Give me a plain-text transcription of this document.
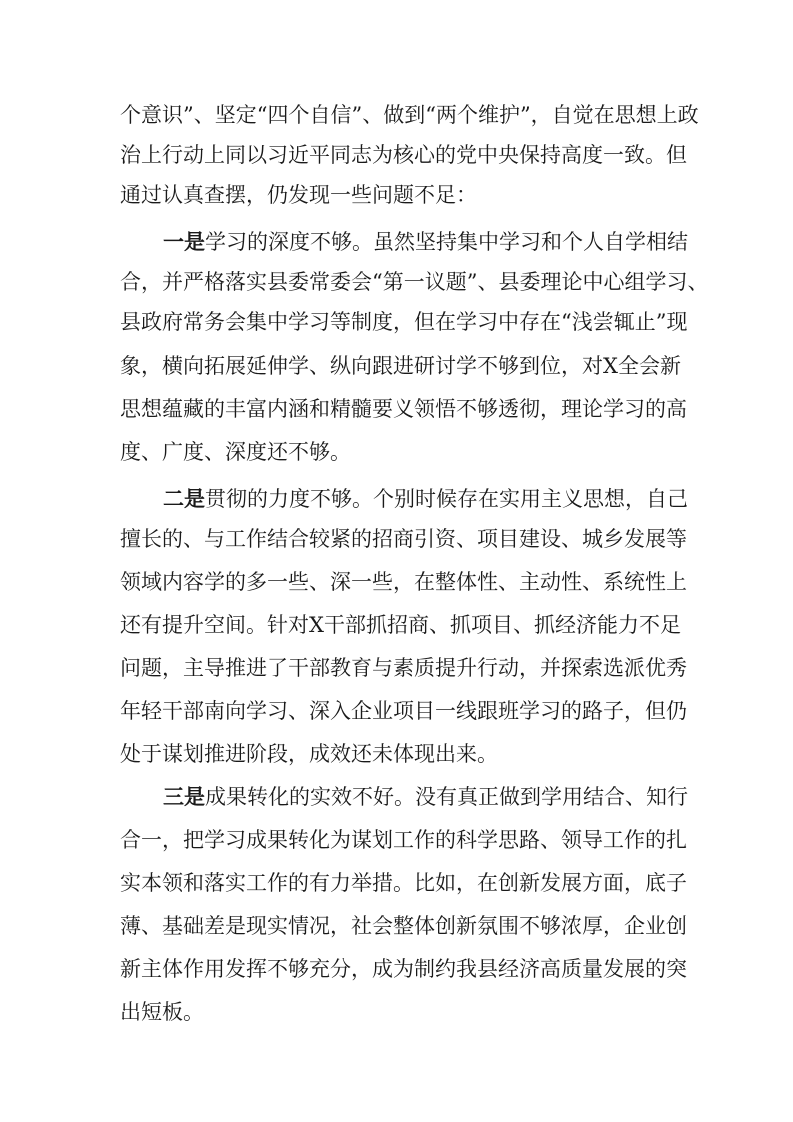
个意识”、坚定“四个自信”、做到“两个维护”，自觉在思想上政
治上行动上同以习近平同志为核心的党中央保持高度一致。但
通过认真查摆，仍发现一些问题不足：
一是学习的深度不够。虽然坚持集中学习和个人自学相结
合，并严格落实县委常委会“第一议题”、县委理论中心组学习、
县政府常务会集中学习等制度，但在学习中存在“浅尝辄止”现
象，横向拓展延伸学、纵向跟进研讨学不够到位，对X全会新
思想蕴藏的丰富内涵和精髓要义领悟不够透彻，理论学习的高
度、广度、深度还不够。
二是贯彻的力度不够。个别时候存在实用主义思想，自己
擅长的、与工作结合较紧的招商引资、项目建设、城乡发展等
领域内容学的多一些、深一些，在整体性、主动性、系统性上
还有提升空间。针对X干部抓招商、抓项目、抓经济能力不足
问题，主导推进了干部教育与素质提升行动，并探索选派优秀
年轻干部南向学习、深入企业项目一线跟班学习的路子，但仍
处于谋划推进阶段，成效还未体现出来。
三是成果转化的实效不好。没有真正做到学用结合、知行
合一，把学习成果转化为谋划工作的科学思路、领导工作的扎
实本领和落实工作的有力举措。比如，在创新发展方面，底子
薄、基础差是现实情况，社会整体创新氛围不够浓厚，企业创
新主体作用发挥不够充分，成为制约我县经济高质量发展的突
出短板。
